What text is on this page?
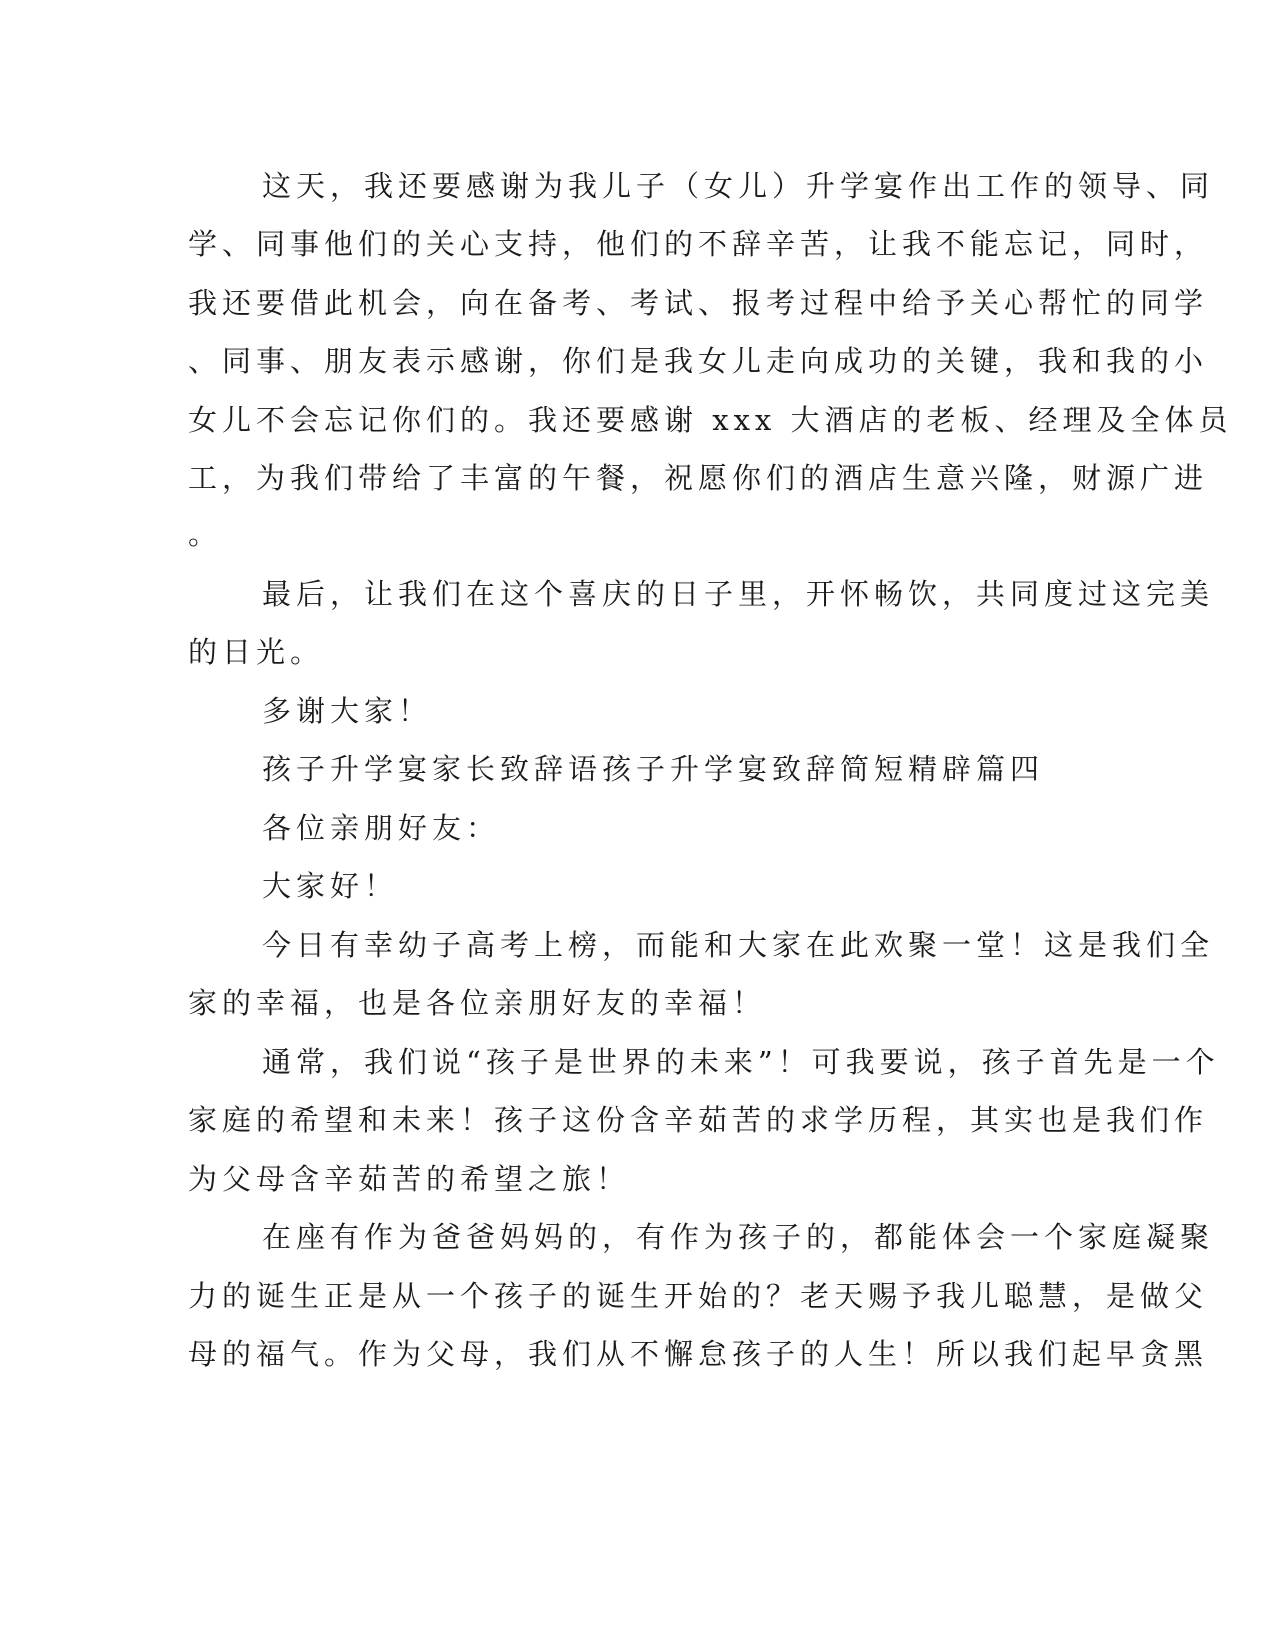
这天，我还要感谢为我儿子（女儿）升学宴作出工作的领导、同
学、同事他们的关心支持，他们的不辞辛苦，让我不能忘记，同时，
我还要借此机会，向在备考、考试、报考过程中给予关心帮忙的同学
、同事、朋友表示感谢，你们是我女儿走向成功的关键，我和我的小
女儿不会忘记你们的。我还要感谢 xxx 大酒店的老板、经理及全体员
工，为我们带给了丰富的午餐，祝愿你们的酒店生意兴隆，财源广进
。
最后，让我们在这个喜庆的日子里，开怀畅饮，共同度过这完美
的日光。
多谢大家！
孩子升学宴家长致辞语孩子升学宴致辞简短精辟篇四
各位亲朋好友：
大家好！
今日有幸幼子高考上榜，而能和大家在此欢聚一堂！这是我们全
家的幸福，也是各位亲朋好友的幸福！
通常，我们说“孩子是世界的未来”！可我要说，孩子首先是一个
家庭的希望和未来！孩子这份含辛茹苦的求学历程，其实也是我们作
为父母含辛茹苦的希望之旅！
在座有作为爸爸妈妈的，有作为孩子的，都能体会一个家庭凝聚
力的诞生正是从一个孩子的诞生开始的？老天赐予我儿聪慧，是做父
母的福气。作为父母，我们从不懈怠孩子的人生！所以我们起早贪黑
